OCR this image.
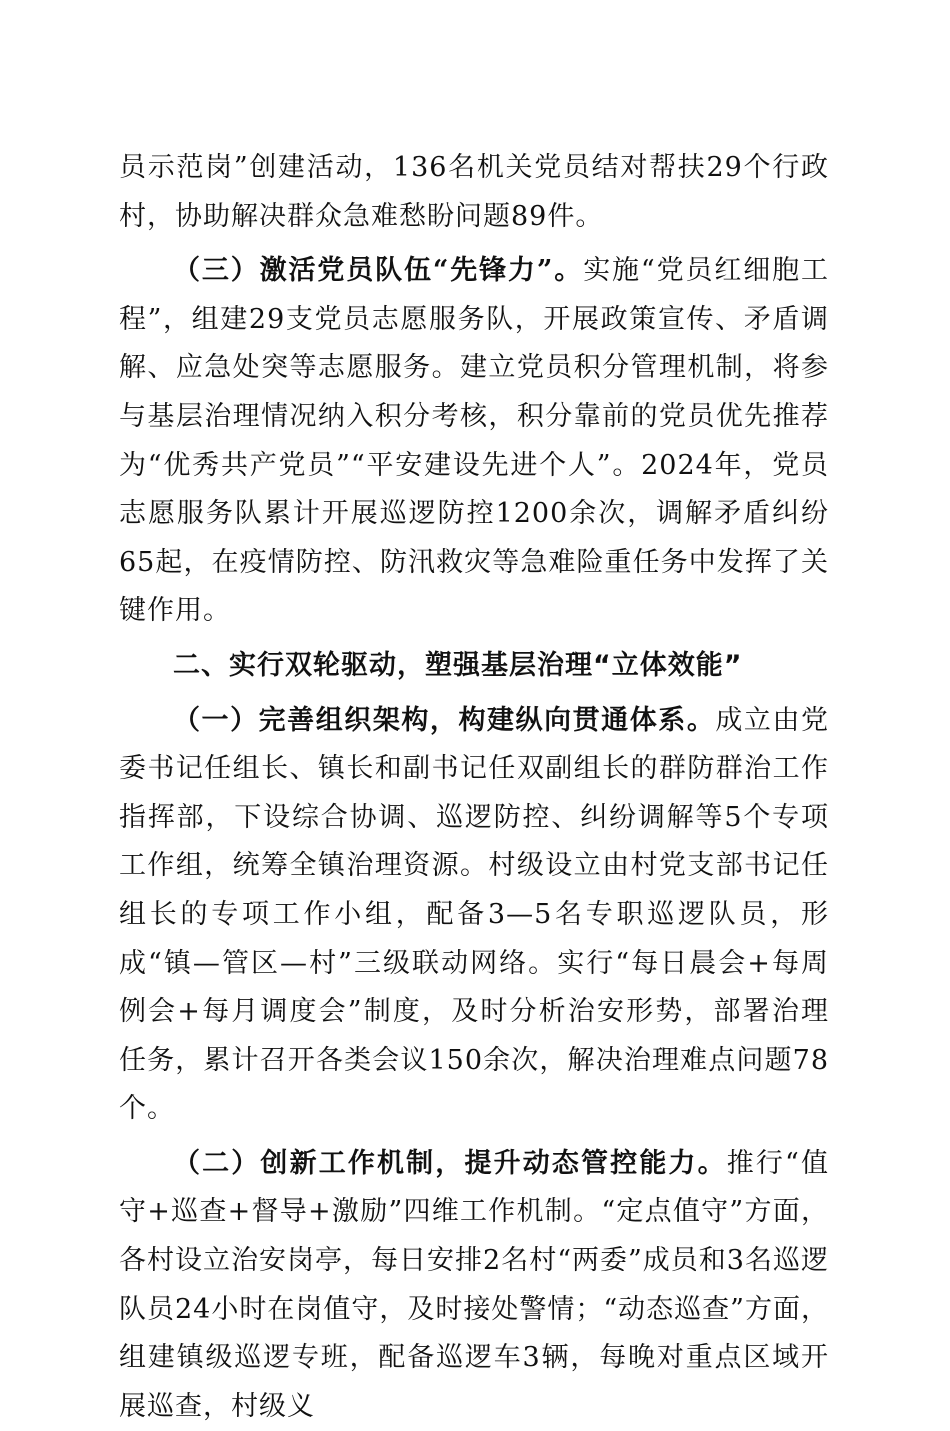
员示范岗”创建活动，136名机关党员结对帮扶29个行政村，协助解决群众急难愁盼问题89件。

（三）激活党员队伍“先锋力”。实施“党员红细胞工程”，组建29支党员志愿服务队，开展政策宣传、矛盾调解、应急处突等志愿服务。建立党员积分管理机制，将参与基层治理情况纳入积分考核，积分靠前的党员优先推荐为“优秀共产党员”“平安建设先进个人”。2024年，党员志愿服务队累计开展巡逻防控1200余次，调解矛盾纠纷65起，在疫情防控、防汛救灾等急难险重任务中发挥了关键作用。

二、实行双轮驱动，塑强基层治理“立体效能”

（一）完善组织架构，构建纵向贯通体系。成立由党委书记任组长、镇长和副书记任双副组长的群防群治工作指挥部，下设综合协调、巡逻防控、纠纷调解等5个专项工作组，统筹全镇治理资源。村级设立由村党支部书记任组长的专项工作小组，配备3—5名专职巡逻队员，形成“镇—管区—村”三级联动网络。实行“每日晨会+每周例会+每月调度会”制度，及时分析治安形势，部署治理任务，累计召开各类会议150余次，解决治理难点问题78个。

（二）创新工作机制，提升动态管控能力。推行“值守+巡查+督导+激励”四维工作机制。“定点值守”方面，各村设立治安岗亭，每日安排2名村“两委”成员和3名巡逻队员24小时在岗值守，及时接处警情；“动态巡查”方面，组建镇级巡逻专班，配备巡逻车3辆，每晚对重点区域开展巡查，村级义
